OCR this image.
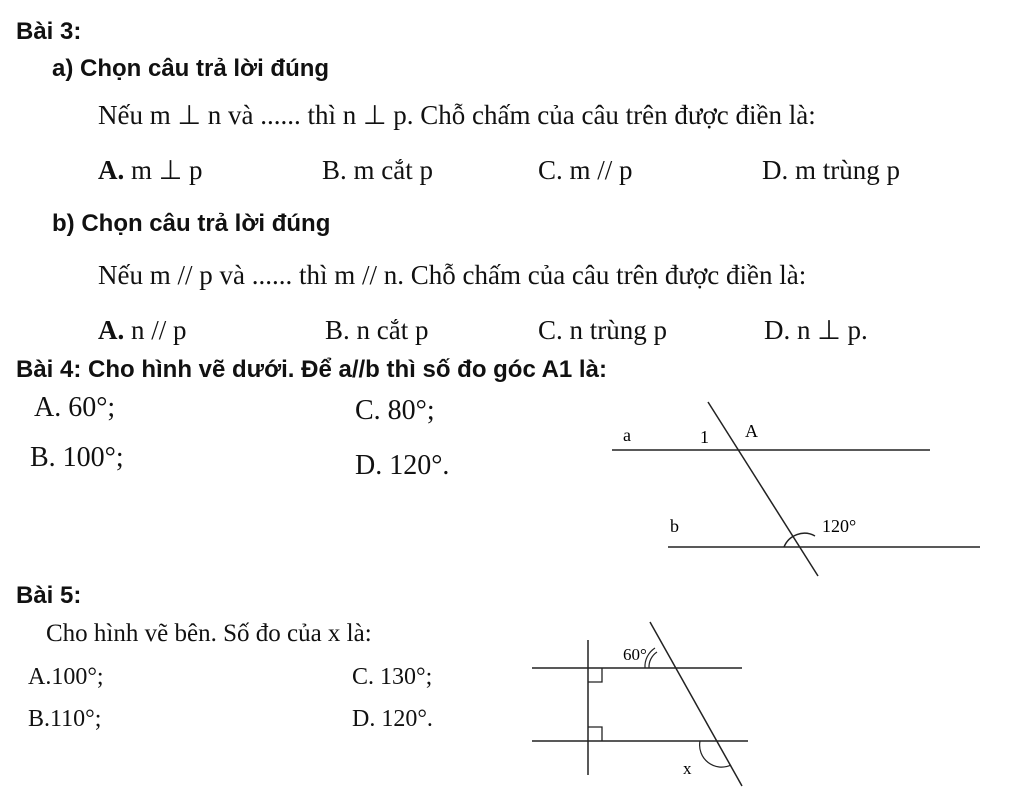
Bài 3:
a) Chọn câu trả lời đúng
Nếu m ⊥ n và ...... thì n ⊥ p. Chỗ chấm của câu trên được điền là:
A. m ⊥ p	B. m cắt p	C. m // p	D. m trùng p
b) Chọn câu trả lời đúng
Nếu m // p và ...... thì m // n. Chỗ chấm của câu trên được điền là:
A. n // p	B. n cắt p	C. n trùng p	D. n ⊥ p.
Bài 4: Cho hình vẽ dưới. Để a//b thì số đo góc A1 là:
A. 60°;	C. 80°;
B. 100°;	D. 120°.
a	1 A
b	120°
60°
x
Bài 5:
Cho hình vẽ bên. Số đo của x là:
A.100°;	C. 130°;
B.110°;	D. 120°.
